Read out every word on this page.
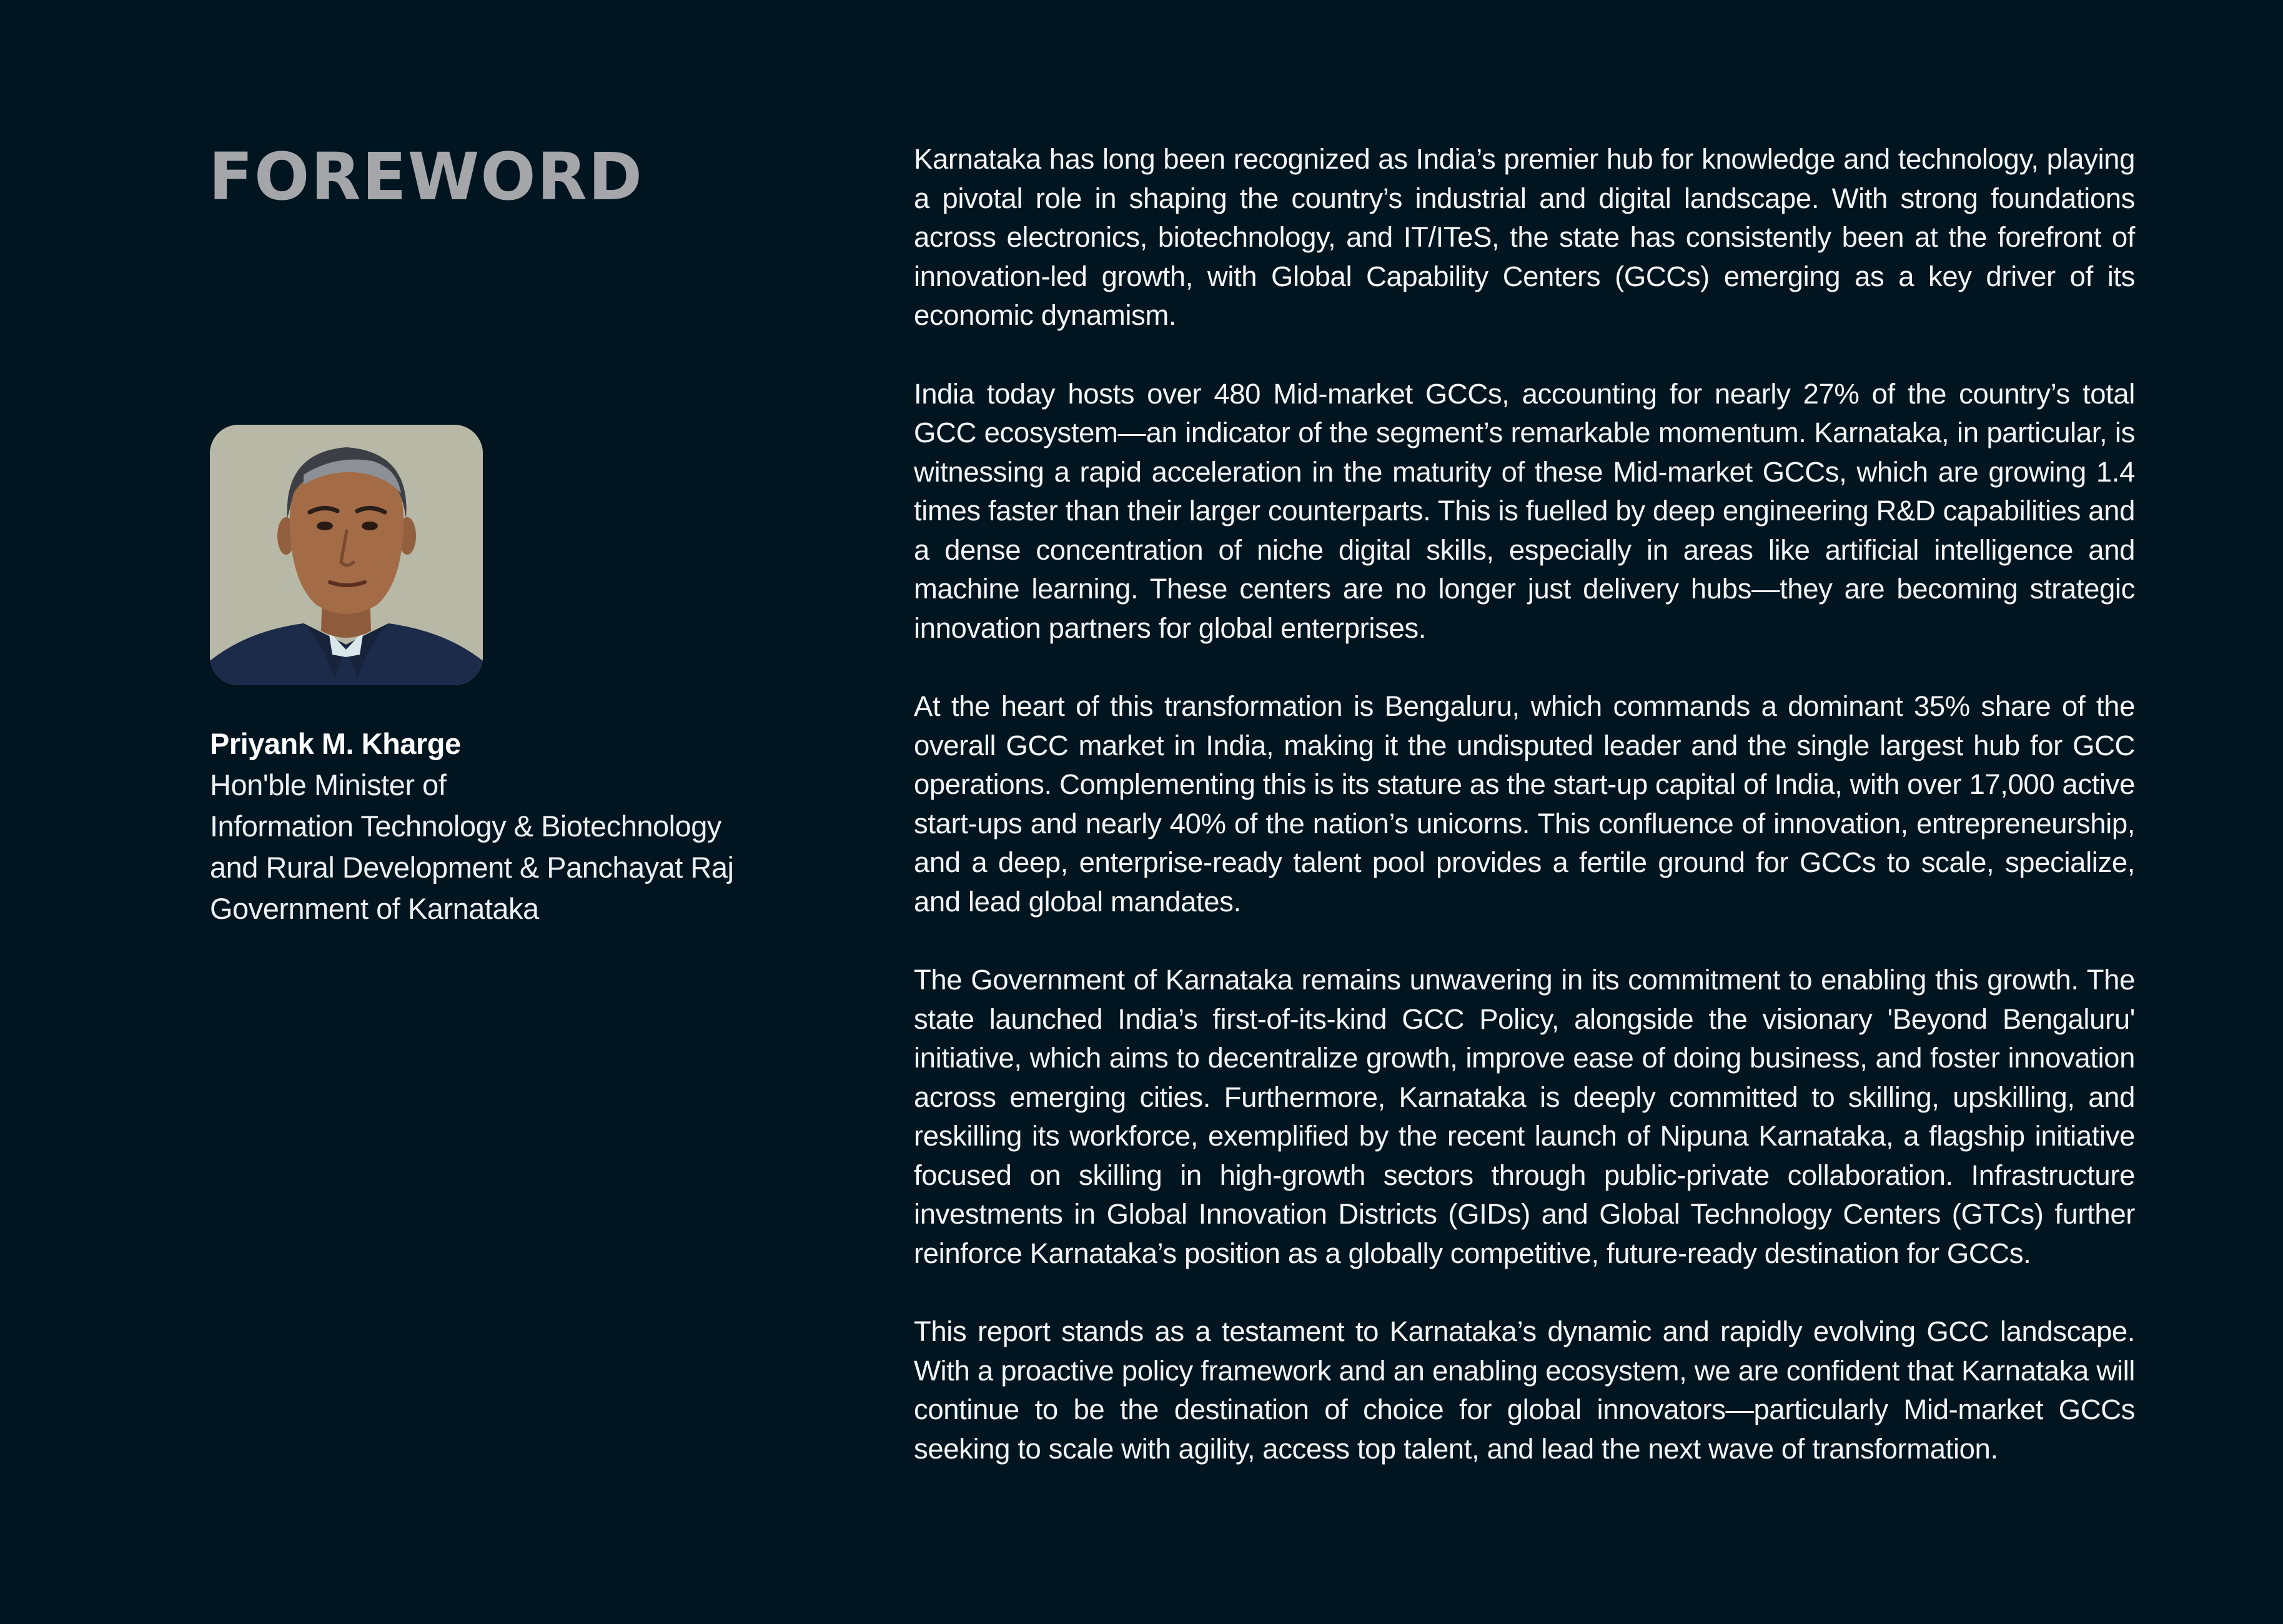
FOREWORD
Priyank M. Kharge
Hon'ble Minister of
Information Technology & Biotechnology
and Rural Development & Panchayat Raj
Government of Karnataka

Karnataka has long been recognized as India’s premier hub for knowledge and technology, playing a pivotal role in shaping the country’s industrial and digital landscape. With strong foundations across electronics, biotechnology, and IT/ITeS, the state has consistently been at the forefront of innovation-led growth, with Global Capability Centers (GCCs) emerging as a key driver of its economic dynamism.

India today hosts over 480 Mid-market GCCs, accounting for nearly 27% of the country’s total GCC ecosystem—an indicator of the segment’s remarkable momentum. Karnataka, in particular, is witnessing a rapid acceleration in the maturity of these Mid-market GCCs, which are growing 1.4 times faster than their larger counterparts. This is fuelled by deep engineering R&D capabilities and a dense concentration of niche digital skills, especially in areas like artificial intelligence and machine learning. These centers are no longer just delivery hubs—they are becoming strategic innovation partners for global enterprises.

At the heart of this transformation is Bengaluru, which commands a dominant 35% share of the overall GCC market in India, making it the undisputed leader and the single largest hub for GCC operations. Complementing this is its stature as the start-up capital of India, with over 17,000 active start-ups and nearly 40% of the nation’s unicorns. This confluence of innovation, entrepreneurship, and a deep, enterprise-ready talent pool provides a fertile ground for GCCs to scale, specialize, and lead global mandates.

The Government of Karnataka remains unwavering in its commitment to enabling this growth. The state launched India’s first-of-its-kind GCC Policy, alongside the visionary 'Beyond Bengaluru' initiative, which aims to decentralize growth, improve ease of doing business, and foster innovation across emerging cities. Furthermore, Karnataka is deeply committed to skilling, upskilling, and reskilling its workforce, exemplified by the recent launch of Nipuna Karnataka, a flagship initiative focused on skilling in high-growth sectors through public-private collaboration. Infrastructure investments in Global Innovation Districts (GIDs) and Global Technology Centers (GTCs) further reinforce Karnataka’s position as a globally competitive, future-ready destination for GCCs.

This report stands as a testament to Karnataka’s dynamic and rapidly evolving GCC landscape. With a proactive policy framework and an enabling ecosystem, we are confident that Karnataka will continue to be the destination of choice for global innovators—particularly Mid-market GCCs seeking to scale with agility, access top talent, and lead the next wave of transformation.
